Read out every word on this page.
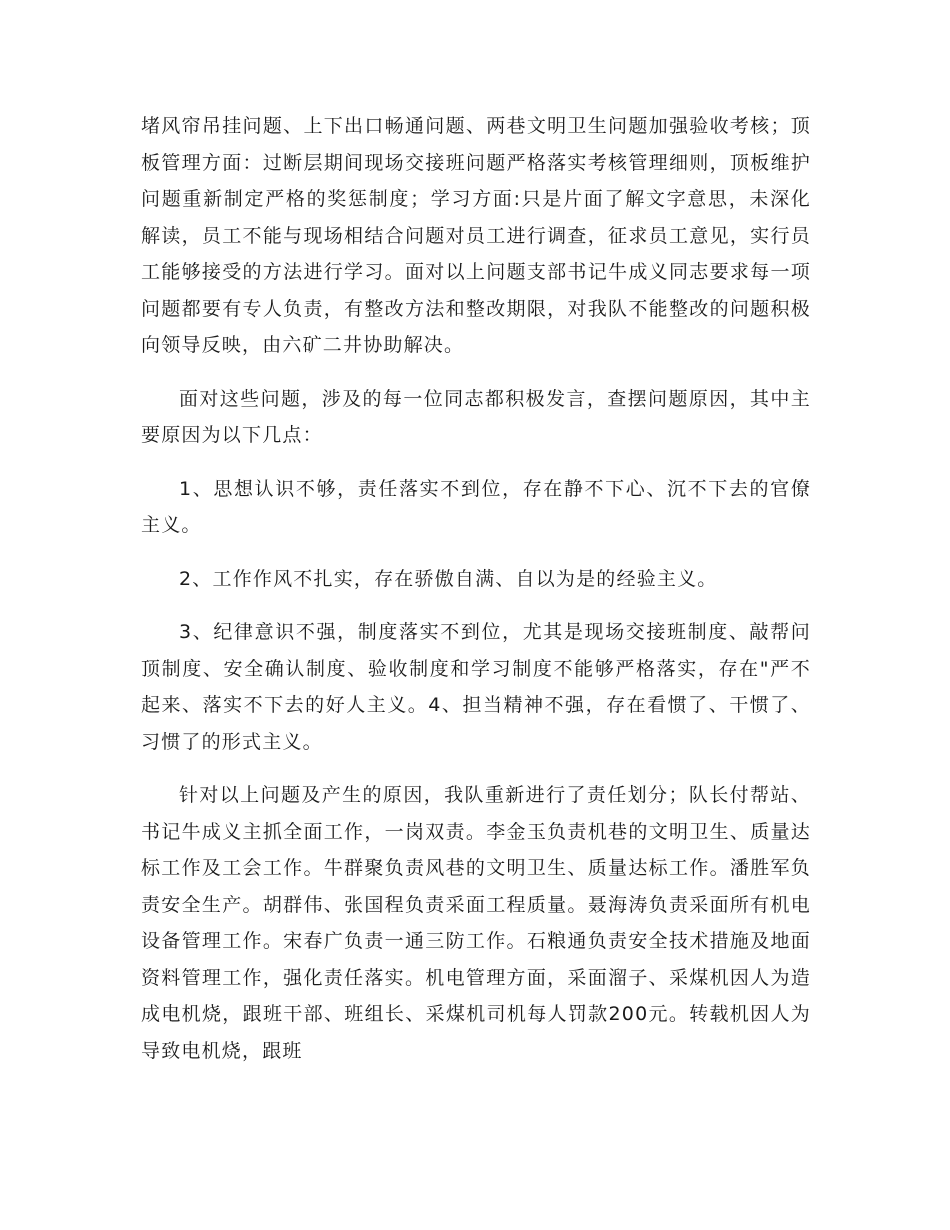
堵风帘吊挂问题、上下出口畅通问题、两巷文明卫生问题加强验收考核；顶板管理方面：过断层期间现场交接班问题严格落实考核管理细则，顶板维护问题重新制定严格的奖惩制度；学习方面:只是片面了解文字意思，未深化解读，员工不能与现场相结合问题对员工进行调查，征求员工意见，实行员工能够接受的方法进行学习。面对以上问题支部书记牛成义同志要求每一项问题都要有专人负责，有整改方法和整改期限，对我队不能整改的问题积极向领导反映，由六矿二井协助解决。

面对这些问题，涉及的每一位同志都积极发言，查摆问题原因，其中主要原因为以下几点：

1、思想认识不够，责任落实不到位，存在静不下心、沉不下去的官僚主义。

2、工作作风不扎实，存在骄傲自满、自以为是的经验主义。

3、纪律意识不强，制度落实不到位，尤其是现场交接班制度、敲帮问顶制度、安全确认制度、验收制度和学习制度不能够严格落实，存在"严不起来、落实不下去的好人主义。4、担当精神不强，存在看惯了、干惯了、习惯了的形式主义。

针对以上问题及产生的原因，我队重新进行了责任划分；队长付帮站、书记牛成义主抓全面工作，一岗双责。李金玉负责机巷的文明卫生、质量达标工作及工会工作。牛群聚负责风巷的文明卫生、质量达标工作。潘胜军负责安全生产。胡群伟、张国程负责采面工程质量。聂海涛负责采面所有机电设备管理工作。宋春广负责一通三防工作。石粮通负责安全技术措施及地面资料管理工作，强化责任落实。机电管理方面，采面溜子、采煤机因人为造成电机烧，跟班干部、班组长、采煤机司机每人罚款200元。转载机因人为导致电机烧，跟班
